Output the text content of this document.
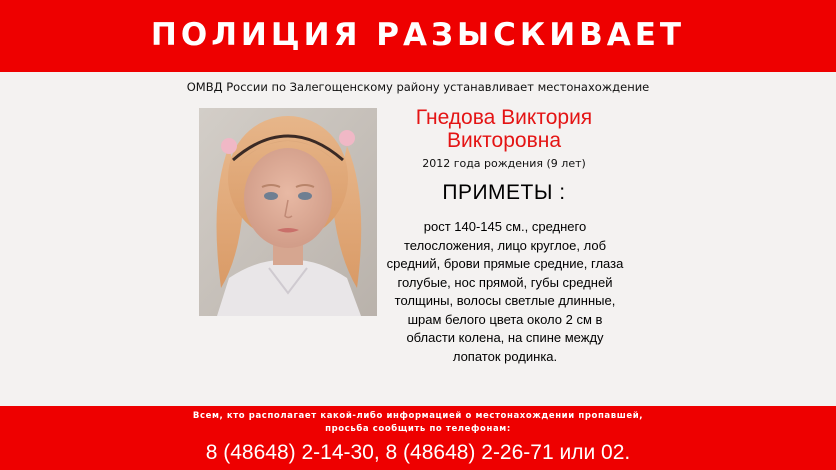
ПОЛИЦИЯ РАЗЫСКИВАЕТ
ОМВД России по Залегощенскому району устанавливает местонахождение
Гнедова Виктория
Викторовна
2012 года рождения (9 лет)
ПРИМЕТЫ :
рост 140-145 см., среднего
телосложения, лицо круглое, лоб
средний, брови прямые средние, глаза
голубые, нос прямой, губы средней
толщины, волосы светлые длинные,
шрам белого цвета около 2 см в
области колена, на спине между
лопаток родинка.
Всем, кто располагает какой-либо информацией о местонахождении пропавшей,
просьба сообщить по телефонам:
8 (48648) 2-14-30, 8 (48648) 2-26-71 или 02.
